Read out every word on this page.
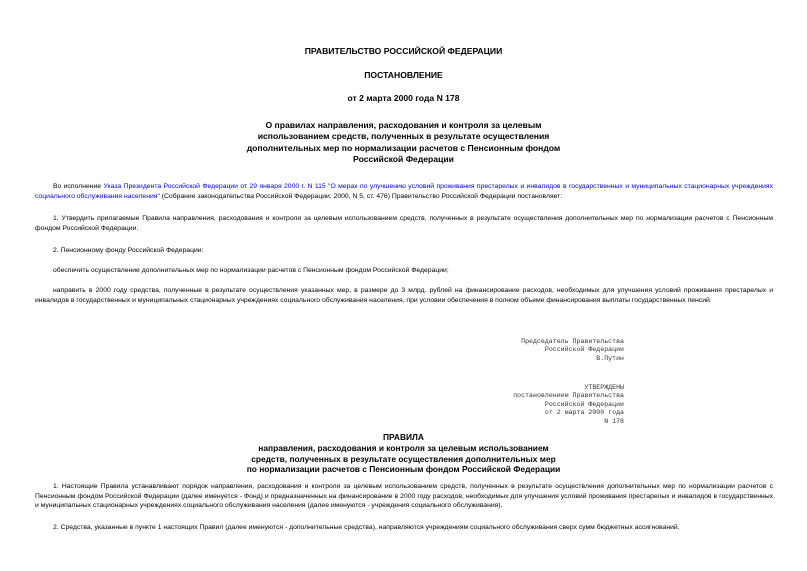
ПРАВИТЕЛЬСТВО РОССИЙСКОЙ ФЕДЕРАЦИИ
ПОСТАНОВЛЕНИЕ
от 2 марта 2000 года N 178
О правилах направления, расходования и контроля за целевым
использованием средств, полученных в результате осуществления
дополнительных мер по нормализации расчетов с Пенсионным фондом
Российской Федерации
Во исполнение Указа Президента Российской Федерации от 29 января 2000 г. N 115 "О мерах по улучшению условий проживания престарелых и инвалидов в государственных и муниципальных стационарных учреждениях социального обслуживания населения" (Собрание законодательства Российской Федерации, 2000, N 5, ст. 476) Правительство Российской Федерации постановляет:
1. Утвердить прилагаемые Правила направления, расходования и контроля за целевым использованием средств, полученных в результате осуществления дополнительных мер по нормализации расчетов с Пенсионным фондом Российской Федерации.
2. Пенсионному фонду Российской Федерации:
обеспечить осуществление дополнительных мер по нормализации расчетов с Пенсионным фондом Российской Федерации;
направить в 2000 году средства, полученные в результате осуществления указанных мер, в размере до 3 млрд. рублей на финансирование расходов, необходимых для улучшения условий проживания престарелых и инвалидов в государственных и муниципальных стационарных учреждениях социального обслуживания населения, при условии обеспечения в полном объеме финансирования выплаты государственных пенсий.
Председатель Правительства
Российской Федерации
В.Путин
УТВЕРЖДЕНЫ
постановлением Правительства
Российской Федерации
от 2 марта 2000 года
N 178
ПРАВИЛА
направления, расходования и контроля за целевым использованием
средств, полученных в результате осуществления дополнительных мер
по нормализации расчетов с Пенсионным фондом Российской Федерации
1. Настоящие Правила устанавливают порядок направления, расходования и контроля за целевым использованием средств, полученных в результате осуществления дополнительных мер по нормализации расчетов с Пенсионным фондом Российской Федерации (далее именуется - Фонд) и предназначенных на финансирование в 2000 году расходов, необходимых для улучшения условий проживания престарелых и инвалидов в государственных и муниципальных стационарных учреждениях социального обслуживания населения (далее именуются - учреждения социального обслуживания).
2. Средства, указанные в пункте 1 настоящих Правил (далее именуются - дополнительные средства), направляются учреждениям социального обслуживания сверх сумм бюджетных ассигнований,
